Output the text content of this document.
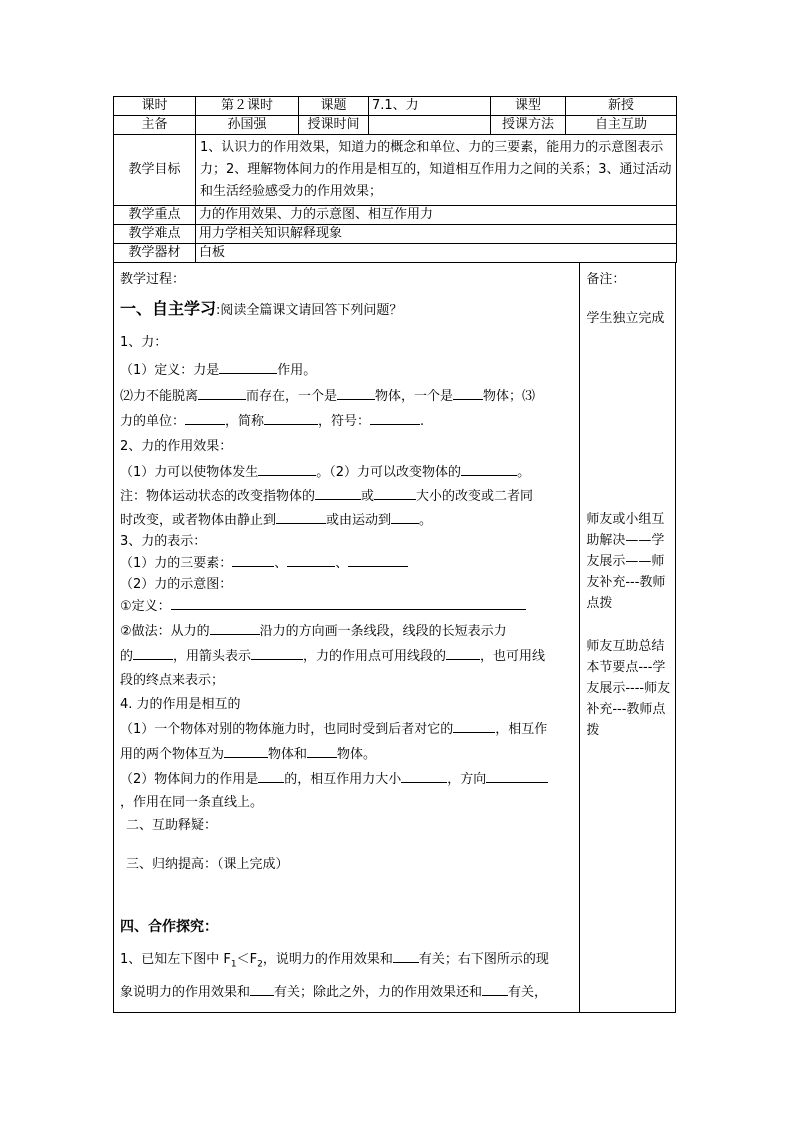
课时	第２课时	课题	7.1、力	课型	新授
主备	孙国强	授课时间		授课方法	自主互助
教学目标	1、认识力的作用效果，知道力的概念和单位、力的三要素，能用力的示意图表示力；2、理解物体间力的作用是相互的，知道相互作用力之间的关系；3、通过活动和生活经验感受力的作用效果；				
教学重点	力的作用效果、力的示意图、相互作用力				
教学难点	用力学相关知识解释现象				
教学器材	白板				
教学过程：
一、自主学习:阅读全篇课文请回答下列问题？
1、力：
（1）定义：力是	作用。
⑵力不能脱离	而存在，一个是	物体，一个是 物体；⑶
力的单位：	，简称	，符号：	.
2、力的作用效果：
（1）力可以使物体发生	。（2）力可以改变物体的	。
注：物体运动状态的改变指物体的	或	大小的改变或二者同
时改变，或者物体由静止到	或由运动到 。
3、力的表示：
（1）力的三要素：	、	、
（2）力的示意图：
①定义：
②做法：从力的	沿力的方向画一条线段，线段的长短表示力
的	，用箭头表示	，力的作用点可用线段的	，也可用线
段的终点来表示；
4. 力的作用是相互的
（1）一个物体对别的物体施力时，也同时受到后者对它的	，相互作
用的两个物体互为	物体和 物体。
（2）物体间力的作用是 的，相互作用力大小	，方向
，作用在同一条直线上。
二、互助释疑：
三、归纳提高：（课上完成）
四、合作探究：
1、已知左下图中 $F_1<F_2$，说明力的作用效果和 有关；右下图所示的现
象说明力的作用效果和 有关；除此之外，力的作用效果还和 有关，
备注：
学生独立完成
师友或小组互助解决——学友展示——师友补充---教师点拨
师友互助总结本节要点---学友展示----师友补充---教师点拨
